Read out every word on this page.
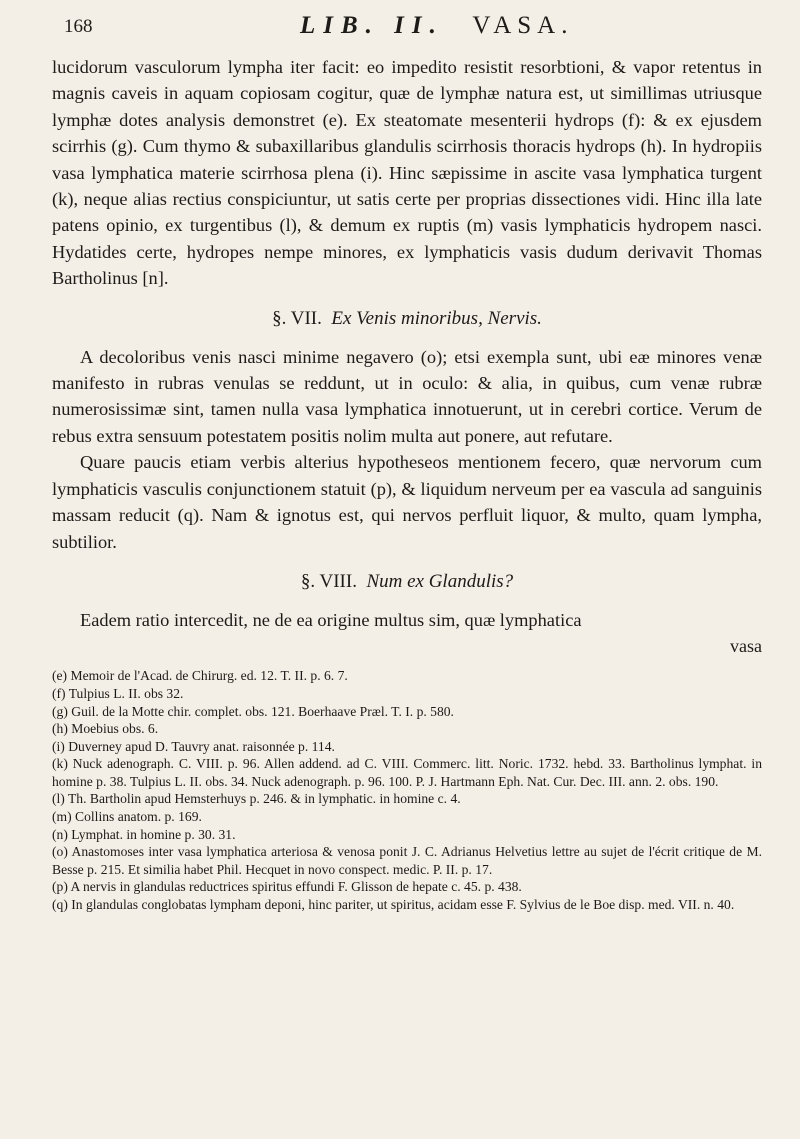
168	LIB. II. VASA.

lucidorum vasculorum lympha iter facit: eo impedito resistit resorbtioni, & vapor retentus in magnis caveis in aquam copiosam cogitur, quæ de lymphæ natura est, ut simillimas utriusque lymphæ dotes analysis demonstret (e). Ex steatomate mesenterii hydrops (f): & ex ejusdem scirrhis (g). Cum thymo & subaxillaribus glandulis scirrhosis thoracis hydrops (h). In hydropiis vasa lymphatica materie scirrhosa plena (i). Hinc sæpissime in ascite vasa lymphatica turgent (k), neque alias rectius conspiciuntur, ut satis certe per proprias dissectiones vidi. Hinc illa late patens opinio, ex turgentibus (l), & demum ex ruptis (m) vasis lymphaticis hydropem nasci. Hydatides certe, hydropes nempe minores, ex lymphaticis vasis dudum derivavit Thomas Bartholinus [n].

§. VII. Ex Venis minoribus, Nervis.

A decoloribus venis nasci minime negavero (o); etsi exempla sunt, ubi eæ minores venæ manifesto in rubras venulas se reddunt, ut in oculo: & alia, in quibus, cum venæ rubræ numerosissimæ sint, tamen nulla vasa lymphatica innotuerunt, ut in cerebri cortice. Verum de rebus extra sensuum potestatem positis nolim multa aut ponere, aut refutare.

Quare paucis etiam verbis alterius hypotheseos mentionem fecero, quæ nervorum cum lymphaticis vasculis conjunctionem statuit (p), & liquidum nerveum per ea vascula ad sanguinis massam reducit (q). Nam & ignotus est, qui nervos perfluit liquor, & multo, quam lympha, subtilior.

§. VIII. Num ex Glandulis?

Eadem ratio intercedit, ne de ea origine multus sim, quæ lymphatica

vasa
(e) Memoir de l'Acad. de Chirurg. ed. 12. T. II. p. 6. 7.
(f) Tulpius L. II. obs 32.
(g) Guil. de la Motte chir. complet. obs. 121. Boerhaave Præl. T. I. p. 580.
(h) Moebius obs. 6.
(i) Duverney apud D. Tauvry anat. raisonnée p. 114.
(k) Nuck adenograph. C. VIII. p. 96. Allen addend. ad C. VIII. Commerc. litt. Noric. 1732. hebd. 33. Bartholinus lymphat. in homine p. 38. Tulpius L. II. obs. 34. Nuck adenograph. p. 96. 100. P. J. Hartmann Eph. Nat. Cur. Dec. III. ann. 2. obs. 190.
(l) Th. Bartholin apud Hemsterhuys p. 246. & in lymphatic. in homine c. 4.
(m) Collins anatom. p. 169.
(n) Lymphat. in homine p. 30. 31.
(o) Anastomoses inter vasa lymphatica arteriosa & venosa ponit J. C. Adrianus Helvetius lettre au sujet de l'écrit critique de M. Besse p. 215. Et similia habet Phil. Hecquet in novo conspect. medic. P. II. p. 17.
(p) A nervis in glandulas reductrices spiritus effundi F. Glisson de hepate c. 45. p. 438.
(q) In glandulas conglobatas lympham deponi, hinc pariter, ut spiritus, acidam esse F. Sylvius de le Boe disp. med. VII. n. 40.
